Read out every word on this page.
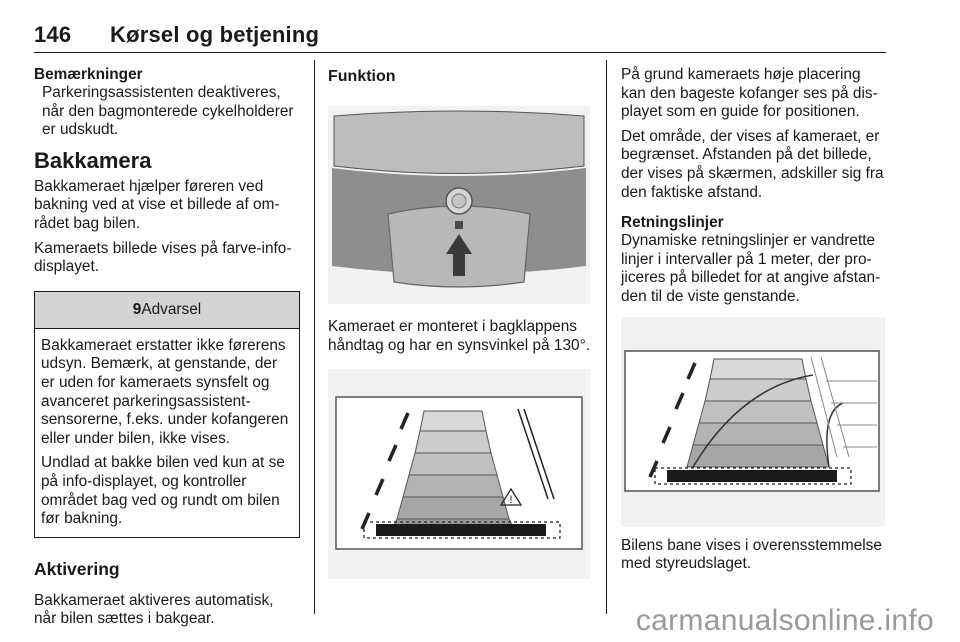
146 Kørsel og betjening
Bemærkninger

Parkeringsassistenten deaktiveres, når den bagmonterede cykelholderer er udskudt.

Bakkamera

Bakkameraet hjælper føreren ved bakning ved at vise et billede af området bag bilen.

Kameraets billede vises på farve-info-displayet.

9Advarsel

Bakkameraet erstatter ikke førerens udsyn. Bemærk, at genstande, der er uden for kameraets synsfelt og avanceret parkeringsassistent-sensorerne, f.eks. under kofangeren eller under bilen, ikke vises.

Undlad at bakke bilen ved kun at se på info-displayet, og kontroller området bag ved og rundt om bilen før bakning.

Aktivering

Bakkameraet aktiveres automatisk, når bilen sættes i bakgear.

Funktion

Kameraet er monteret i bagklappens håndtag og har en synsvinkel på 130°.

!

På grund kameraets høje placering kan den bageste kofanger ses på displayet som en guide for positionen.

Det område, der vises af kameraet, er begrænset. Afstanden på det billede, der vises på skærmen, adskiller sig fra den faktiske afstand.

Retningslinjer

Dynamiske retningslinjer er vandrette linjer i intervaller på 1 meter, der projiceres på billedet for at angive afstanden til de viste genstande.

Bilens bane vises i overensstemmelse med styreudslaget.

carmanualsonline.info
